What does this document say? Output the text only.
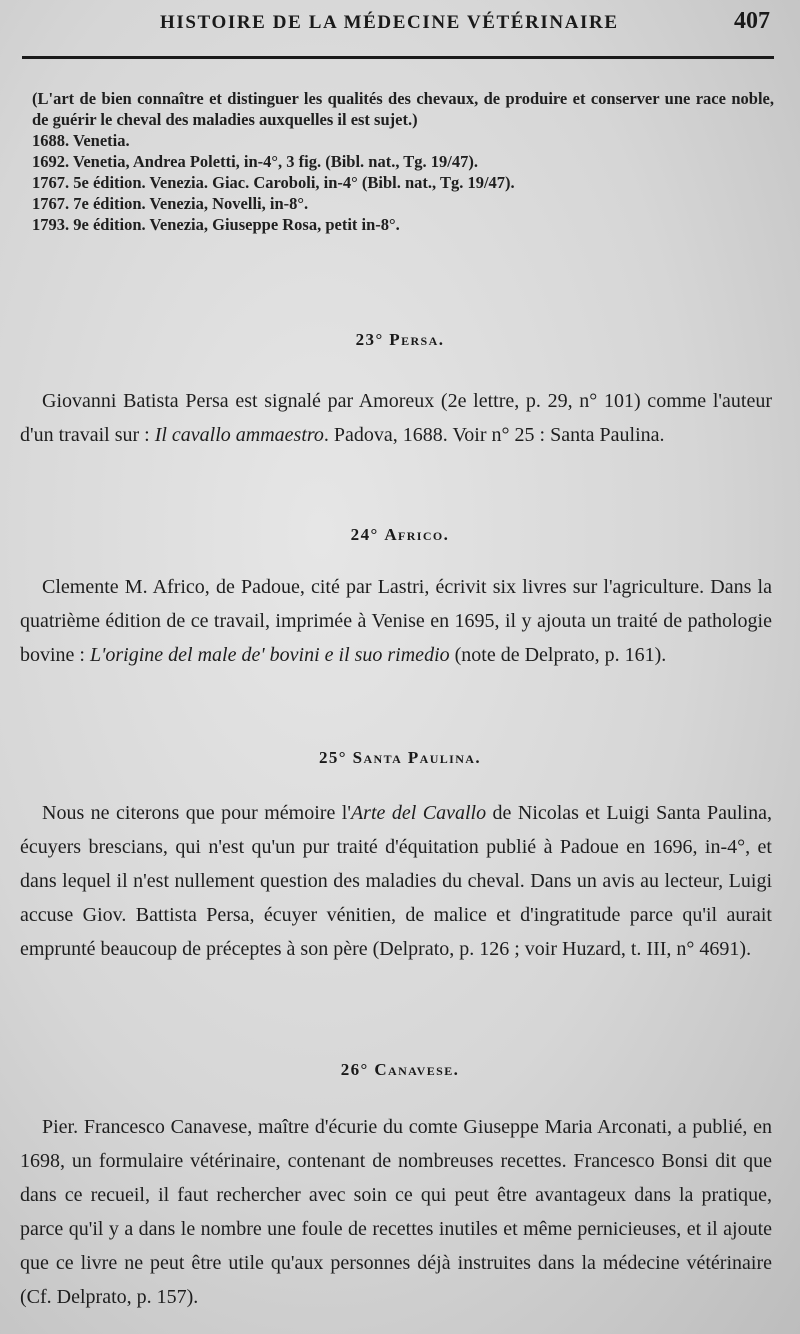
HISTOIRE DE LA MÉDECINE VÉTÉRINAIRE	407

(L'art de bien connaître et distinguer les qualités des chevaux, de produire et conserver une race noble, de guérir le cheval des maladies auxquelles il est sujet.)

1688. Venetia.
1692. Venetia, Andrea Poletti, in-4°, 3 fig. (Bibl. nat., Tg. 19/47).
1767. 5e édition. Venezia. Giac. Caroboli, in-4° (Bibl. nat., Tg. 19/47).
1767. 7e édition. Venezia, Novelli, in-8°.
1793. 9e édition. Venezia, Giuseppe Rosa, petit in-8°.
23° Persa.

Giovanni Batista Persa est signalé par Amoreux (2e lettre, p. 29, n° 101) comme l'auteur d'un travail sur : Il cavallo ammaestro. Padova, 1688. Voir n° 25 : Santa Paulina.

24° Africo.

Clemente M. Africo, de Padoue, cité par Lastri, écrivit six livres sur l'agriculture. Dans la quatrième édition de ce travail, imprimée à Venise en 1695, il y ajouta un traité de pathologie bovine : L'origine del male de' bovini e il suo rimedio (note de Delprato, p. 161).

25° Santa Paulina.

Nous ne citerons que pour mémoire l'Arte del Cavallo de Nicolas et Luigi Santa Paulina, écuyers brescians, qui n'est qu'un pur traité d'équitation publié à Padoue en 1696, in-4°, et dans lequel il n'est nullement question des maladies du cheval. Dans un avis au lecteur, Luigi accuse Giov. Battista Persa, écuyer vénitien, de malice et d'ingratitude parce qu'il aurait emprunté beaucoup de préceptes à son père (Delprato, p. 126 ; voir Huzard, t. III, n° 4691).

26° Canavese.

Pier. Francesco Canavese, maître d'écurie du comte Giuseppe Maria Arconati, a publié, en 1698, un formulaire vétérinaire, contenant de nombreuses recettes. Francesco Bonsi dit que dans ce recueil, il faut rechercher avec soin ce qui peut être avantageux dans la pratique, parce qu'il y a dans le nombre une foule de recettes inutiles et même pernicieuses, et il ajoute que ce livre ne peut être utile qu'aux personnes déjà instruites dans la médecine vétérinaire (Cf. Delprato, p. 157).
